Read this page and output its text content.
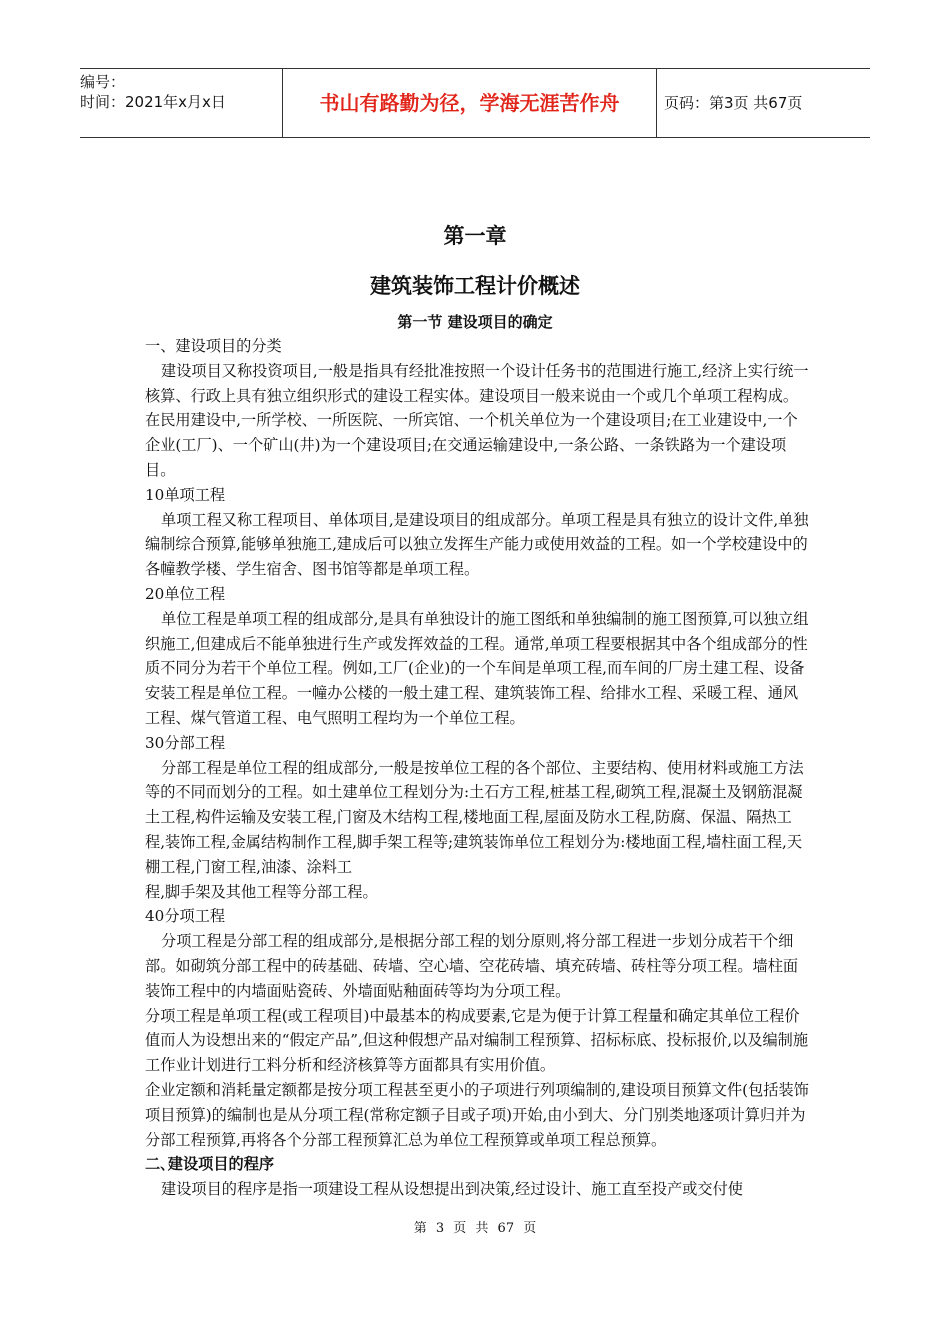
编号：
时间：2021年x月x日	书山有路勤为径，学海无涯苦作舟	页码：第3页 共67页
第一章
建筑装饰工程计价概述
第一节 建设项目的确定

一、建设项目的分类

建设项目又称投资项目,一般是指具有经批准按照一个设计任务书的范围进行施工,经济上实行统一核算、行政上具有独立组织形式的建设工程实体。建设项目一般来说由一个或几个单项工程构成。在民用建设中,一所学校、一所医院、一所宾馆、一个机关单位为一个建设项目;在工业建设中,一个企业(工厂)、一个矿山(井)为一个建设项目;在交通运输建设中,一条公路、一条铁路为一个建设项目。

10单项工程

单项工程又称工程项目、单体项目,是建设项目的组成部分。单项工程是具有独立的设计文件,单独编制综合预算,能够单独施工,建成后可以独立发挥生产能力或使用效益的工程。如一个学校建设中的各幢教学楼、学生宿舍、图书馆等都是单项工程。

20单位工程

单位工程是单项工程的组成部分,是具有单独设计的施工图纸和单独编制的施工图预算,可以独立组织施工,但建成后不能单独进行生产或发挥效益的工程。通常,单项工程要根据其中各个组成部分的性质不同分为若干个单位工程。例如,工厂(企业)的一个车间是单项工程,而车间的厂房土建工程、设备安装工程是单位工程。一幢办公楼的一般土建工程、建筑装饰工程、给排水工程、采暖工程、通风工程、煤气管道工程、电气照明工程均为一个单位工程。

30分部工程

分部工程是单位工程的组成部分,一般是按单位工程的各个部位、主要结构、使用材料或施工方法等的不同而划分的工程。如土建单位工程划分为:土石方工程,桩基工程,砌筑工程,混凝土及钢筋混凝土工程,构件运输及安装工程,门窗及木结构工程,楼地面工程,屋面及防水工程,防腐、保温、隔热工程,装饰工程,金属结构制作工程,脚手架工程等;建筑装饰单位工程划分为:楼地面工程,墙柱面工程,天棚工程,门窗工程,油漆、涂料工

程,脚手架及其他工程等分部工程。

40分项工程

分项工程是分部工程的组成部分,是根据分部工程的划分原则,将分部工程进一步划分成若干个细部。如砌筑分部工程中的砖基础、砖墙、空心墙、空花砖墙、填充砖墙、砖柱等分项工程。墙柱面装饰工程中的内墙面贴瓷砖、外墙面贴釉面砖等均为分项工程。

分项工程是单项工程(或工程项目)中最基本的构成要素,它是为便于计算工程量和确定其单位工程价值而人为设想出来的“假定产品”,但这种假想产品对编制工程预算、招标标底、投标报价,以及编制施工作业计划进行工料分析和经济核算等方面都具有实用价值。

企业定额和消耗量定额都是按分项工程甚至更小的子项进行列项编制的,建设项目预算文件(包括装饰项目预算)的编制也是从分项工程(常称定额子目或子项)开始,由小到大、分门别类地逐项计算归并为分部工程预算,再将各个分部工程预算汇总为单位工程预算或单项工程总预算。

二､建设项目的程序

建设项目的程序是指一项建设工程从设想提出到决策,经过设计、施工直至投产或交付使

第 3 页 共 67 页
